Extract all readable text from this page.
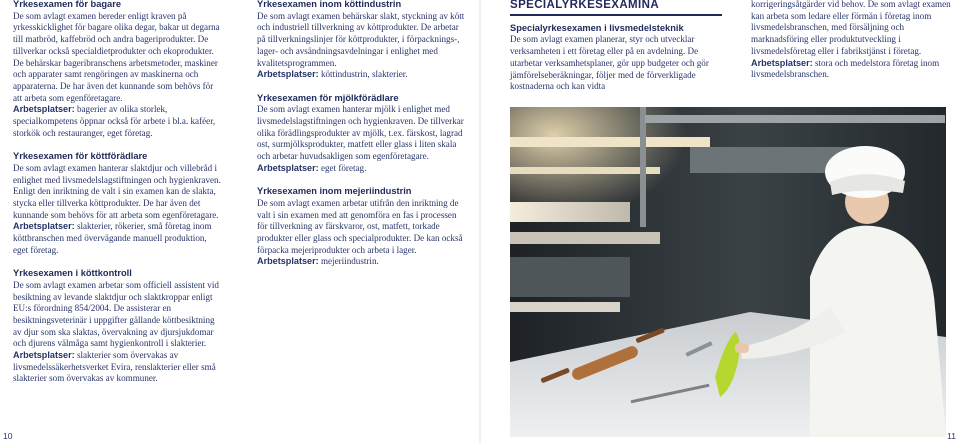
Yrkesexamen för bagare

De som avlagt examen bereder enligt kraven på yrkesskicklighet för bagare olika degar, bakar ut degarna till matbröd, kaffebröd och andra bageriprodukter. De tillverkar också specialdietprodukter och ekoprodukter. De behärskar bageribranschens arbetsmetoder, maskiner och apparater samt rengöringen av maskinerna och apparaterna. De har även det kunnande som behövs för att arbeta som egenföretagare.

Arbetsplatser: bagerier av olika storlek, specialkompetens öppnar också för arbete i bl.a. kaféer, storkök och restauranger, eget företag.

Yrkesexamen för köttförädlare

De som avlagt examen hanterar slaktdjur och villebråd i enlighet med livsmedelslagstiftningen och hygienkraven. Enligt den inriktning de valt i sin examen kan de slakta, stycka eller tillverka köttprodukter. De har även det kunnande som behövs för att arbeta som egenföretagare.

Arbetsplatser: slakterier, rökerier, små företag inom köttbranschen med övervägande manuell produktion, eget företag.

Yrkesexamen i köttkontroll

De som avlagt examen arbetar som officiell assistent vid besiktning av levande slaktdjur och slaktkroppar enligt EU:s förordning 854/2004. De assisterar en besiktningsveterinär i uppgifter gällande köttbesiktning av djur som ska slaktas, övervakning av djursjukdomar och djurens välmåga samt hygienkontroll i slakterier.

Arbetsplatser: slakterier som övervakas av livsmedelssäkerhetsverket Evira, renslakterier eller små slakterier som övervakas av kommuner.

Yrkesexamen inom köttindustrin

De som avlagt examen behärskar slakt, styckning av kött och industriell tillverkning av köttprodukter. De arbetar på tillverkningslinjer för köttprodukter, i förpacknings-, lager- och avsändningsavdelningar i enlighet med kvalitetsprogrammen.

Arbetsplatser: köttindustrin, slakterier.

Yrkesexamen för mjölkförädlare

De som avlagt examen hanterar mjölk i enlighet med livsmedelslagstiftningen och hygienkraven. De tillverkar olika förädlingsprodukter av mjölk, t.ex. färskost, lagrad ost, surmjölksprodukter, matfett eller glass i liten skala och arbetar huvudsakligen som egenföretagare.

Arbetsplatser: eget företag.

Yrkesexamen inom mejeriindustrin

De som avlagt examen arbetar utifrån den inriktning de valt i sin examen med att genomföra en fas i processen för tillverkning av färskvaror, ost, matfett, torkade produkter eller glass och specialprodukter. De kan också förpacka mejeriprodukter och arbeta i lager.

Arbetsplatser: mejeriindustrin.

10
SPECIALYRKESEXAMINA
Specialyrkesexamen i livsmedelsteknik

De som avlagt examen planerar, styr och utvecklar verksamheten i ett företag eller på en avdelning. De utarbetar verksamhetsplaner, gör upp budgeter och gör jämförelseberäkningar, följer med de förverkligade kostnaderna och kan vidta

korrigeringsåtgärder vid behov. De som avlagt examen kan arbeta som ledare eller förmän i företag inom livsmedelsbranschen, med försäljning och marknadsföring eller produktutveckling i livsmedelsföretag eller i fabrikstjänst i företag.

Arbetsplatser: stora och medelstora företag inom livsmedelsbranschen.

11
